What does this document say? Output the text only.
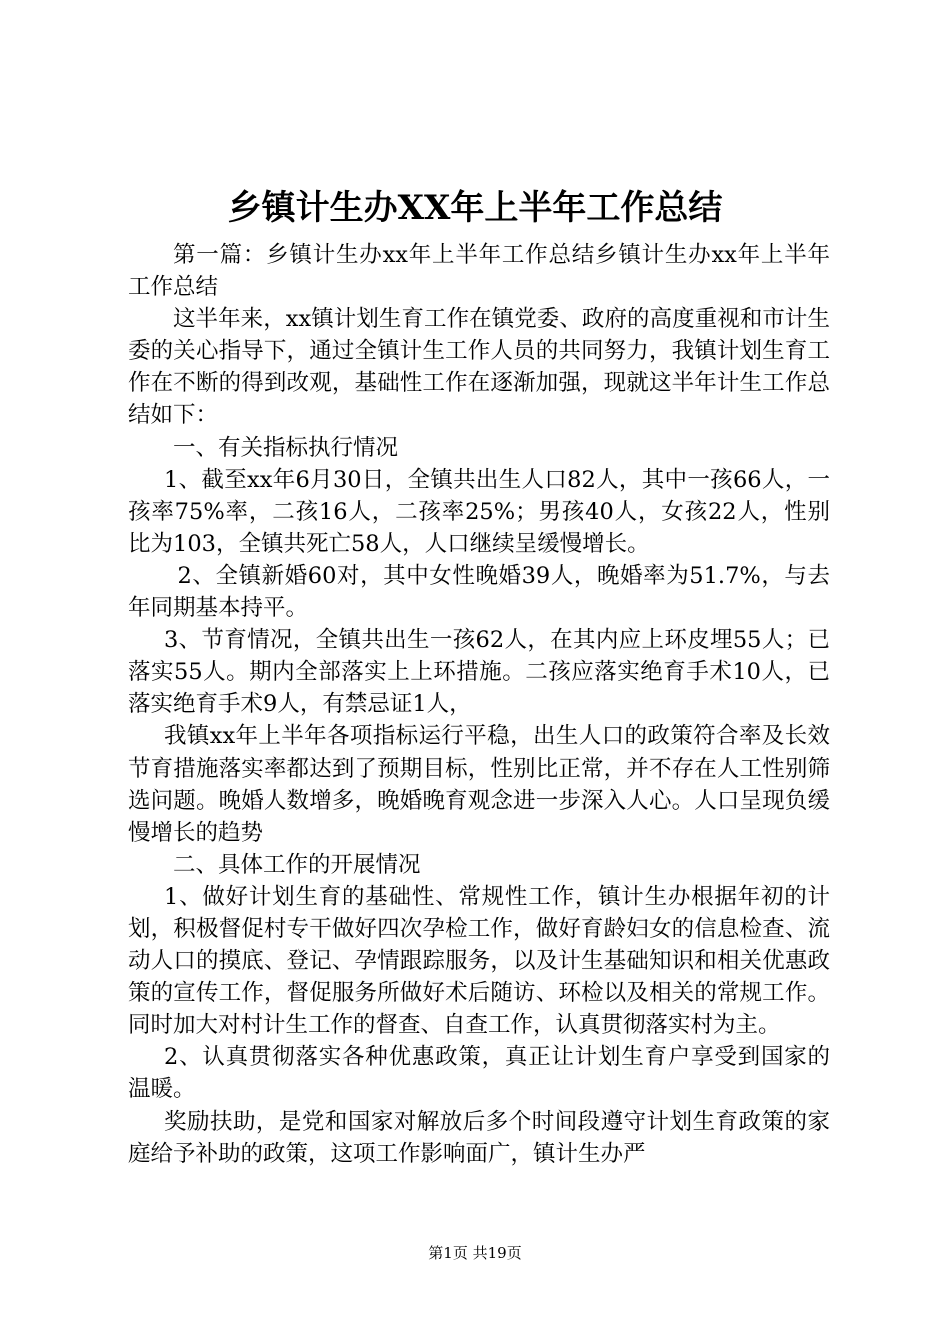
乡镇计生办XX年上半年工作总结

第一篇：乡镇计生办xx年上半年工作总结乡镇计生办xx年上半年工作总结

这半年来，xx镇计划生育工作在镇党委、政府的高度重视和市计生委的关心指导下，通过全镇计生工作人员的共同努力，我镇计划生育工作在不断的得到改观，基础性工作在逐渐加强，现就这半年计生工作总结如下：

一、有关指标执行情况

1、截至xx年6月30日，全镇共出生人口82人，其中一孩66人，一孩率75%率，二孩16人，二孩率25%；男孩40人，女孩22人，性别比为103，全镇共死亡58人，人口继续呈缓慢增长。

2、全镇新婚60对，其中女性晚婚39人，晚婚率为51.7%，与去年同期基本持平。

3、节育情况，全镇共出生一孩62人，在其内应上环皮埋55人；已落实55人。期内全部落实上上环措施。二孩应落实绝育手术10人，已落实绝育手术9人，有禁忌证1人，

我镇xx年上半年各项指标运行平稳，出生人口的政策符合率及长效节育措施落实率都达到了预期目标，性别比正常，并不存在人工性别筛选问题。晚婚人数增多，晚婚晚育观念进一步深入人心。人口呈现负缓慢增长的趋势

二、具体工作的开展情况

1、做好计划生育的基础性、常规性工作，镇计生办根据年初的计划，积极督促村专干做好四次孕检工作，做好育龄妇女的信息检查、流动人口的摸底、登记、孕情跟踪服务，以及计生基础知识和相关优惠政策的宣传工作，督促服务所做好术后随访、环检以及相关的常规工作。同时加大对村计生工作的督查、自查工作，认真贯彻落实村为主。

2、认真贯彻落实各种优惠政策，真正让计划生育户享受到国家的温暖。

奖励扶助，是党和国家对解放后多个时间段遵守计划生育政策的家庭给予补助的政策，这项工作影响面广，镇计生办严

第1页 共19页
